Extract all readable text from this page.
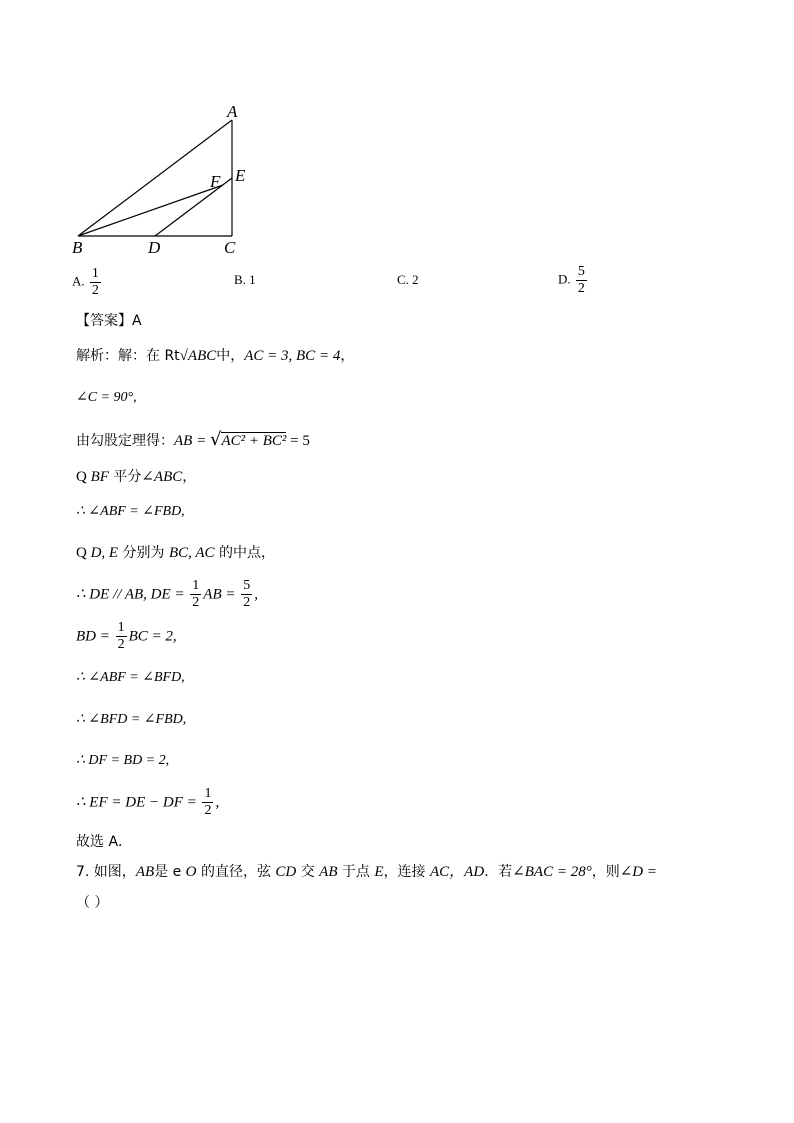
A
E
F
B	D	C
A. $\frac{1}{2}$	B. 1	C. 2	D. $\frac{5}{2}$
【答案】A
解析：解：在 Rt√ABC中，AC = 3, BC = 4，
∠C = 90°,
由勾股定理得：AB = √AC² + BC² = 5
Q BF 平分∠ABC，
∴ ∠ABF = ∠FBD,
Q D, E 分别为 BC, AC 的中点，
∴ DE // AB, DE = $\frac{1}{2}$ AB = $\frac{5}{2}$ ,
BD = $\frac{1}{2}$ BC = 2,
∴ ∠ABF = ∠BFD,
∴ ∠BFD = ∠FBD,
∴ DF = BD = 2,
∴ EF = DE − DF = $\frac{1}{2}$ ,
故选 A．
7. 如图，AB是 e O 的直径，弦 CD 交 AB 于点 E，连接 AC，AD．若∠BAC = 28°，则∠D =
（ ）
